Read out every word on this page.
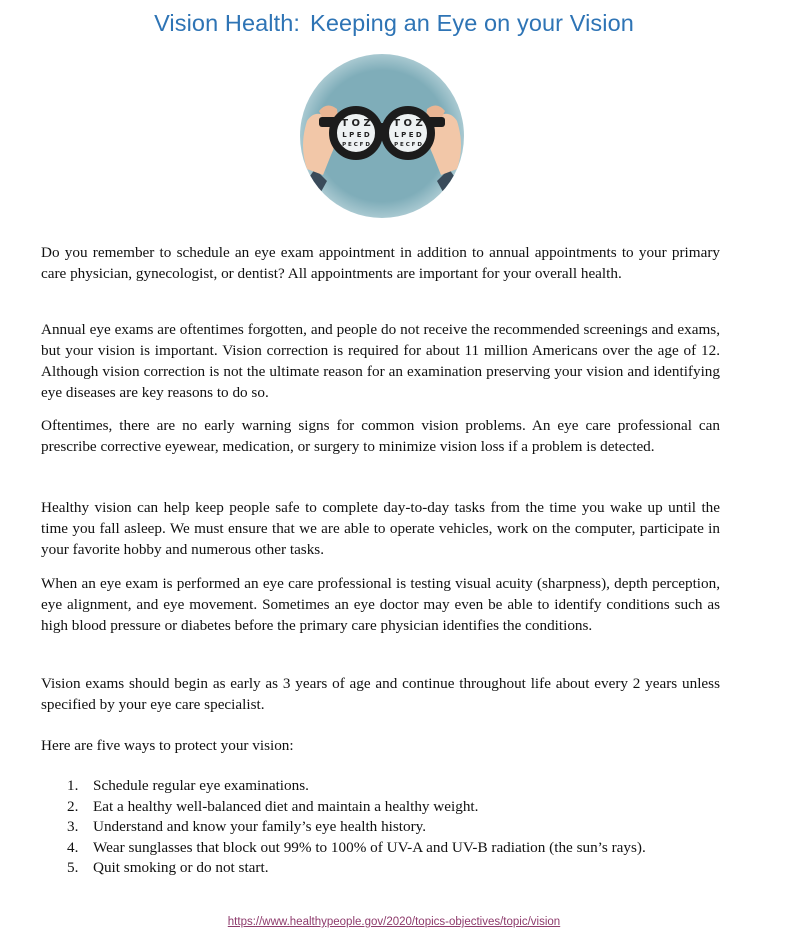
Vision Health: Keeping an Eye on your Vision
T O Z
L P E D
P E C F D
T O Z
L P E D
P E C F D

Do you remember to schedule an eye exam appointment in addition to annual appointments to your primary care physician, gynecologist, or dentist? All appointments are important for your overall health.

Annual eye exams are oftentimes forgotten, and people do not receive the recommended screenings and exams, but your vision is important. Vision correction is required for about 11 million Americans over the age of 12. Although vision correction is not the ultimate reason for an examination preserving your vision and identifying eye diseases are key reasons to do so.

Oftentimes, there are no early warning signs for common vision problems. An eye care professional can prescribe corrective eyewear, medication, or surgery to minimize vision loss if a problem is detected.

Healthy vision can help keep people safe to complete day-to-day tasks from the time you wake up until the time you fall asleep. We must ensure that we are able to operate vehicles, work on the computer, participate in your favorite hobby and numerous other tasks.

When an eye exam is performed an eye care professional is testing visual acuity (sharpness), depth perception, eye alignment, and eye movement. Sometimes an eye doctor may even be able to identify conditions such as high blood pressure or diabetes before the primary care physician identifies the conditions.

Vision exams should begin as early as 3 years of age and continue throughout life about every 2 years unless specified by your eye care specialist.

Here are five ways to protect your vision:

1. Schedule regular eye examinations.
2. Eat a healthy well-balanced diet and maintain a healthy weight.
3. Understand and know your family’s eye health history.
4. Wear sunglasses that block out 99% to 100% of UV-A and UV-B radiation (the sun’s rays).
5. Quit smoking or do not start.
https://www.healthypeople.gov/2020/topics-objectives/topic/vision
